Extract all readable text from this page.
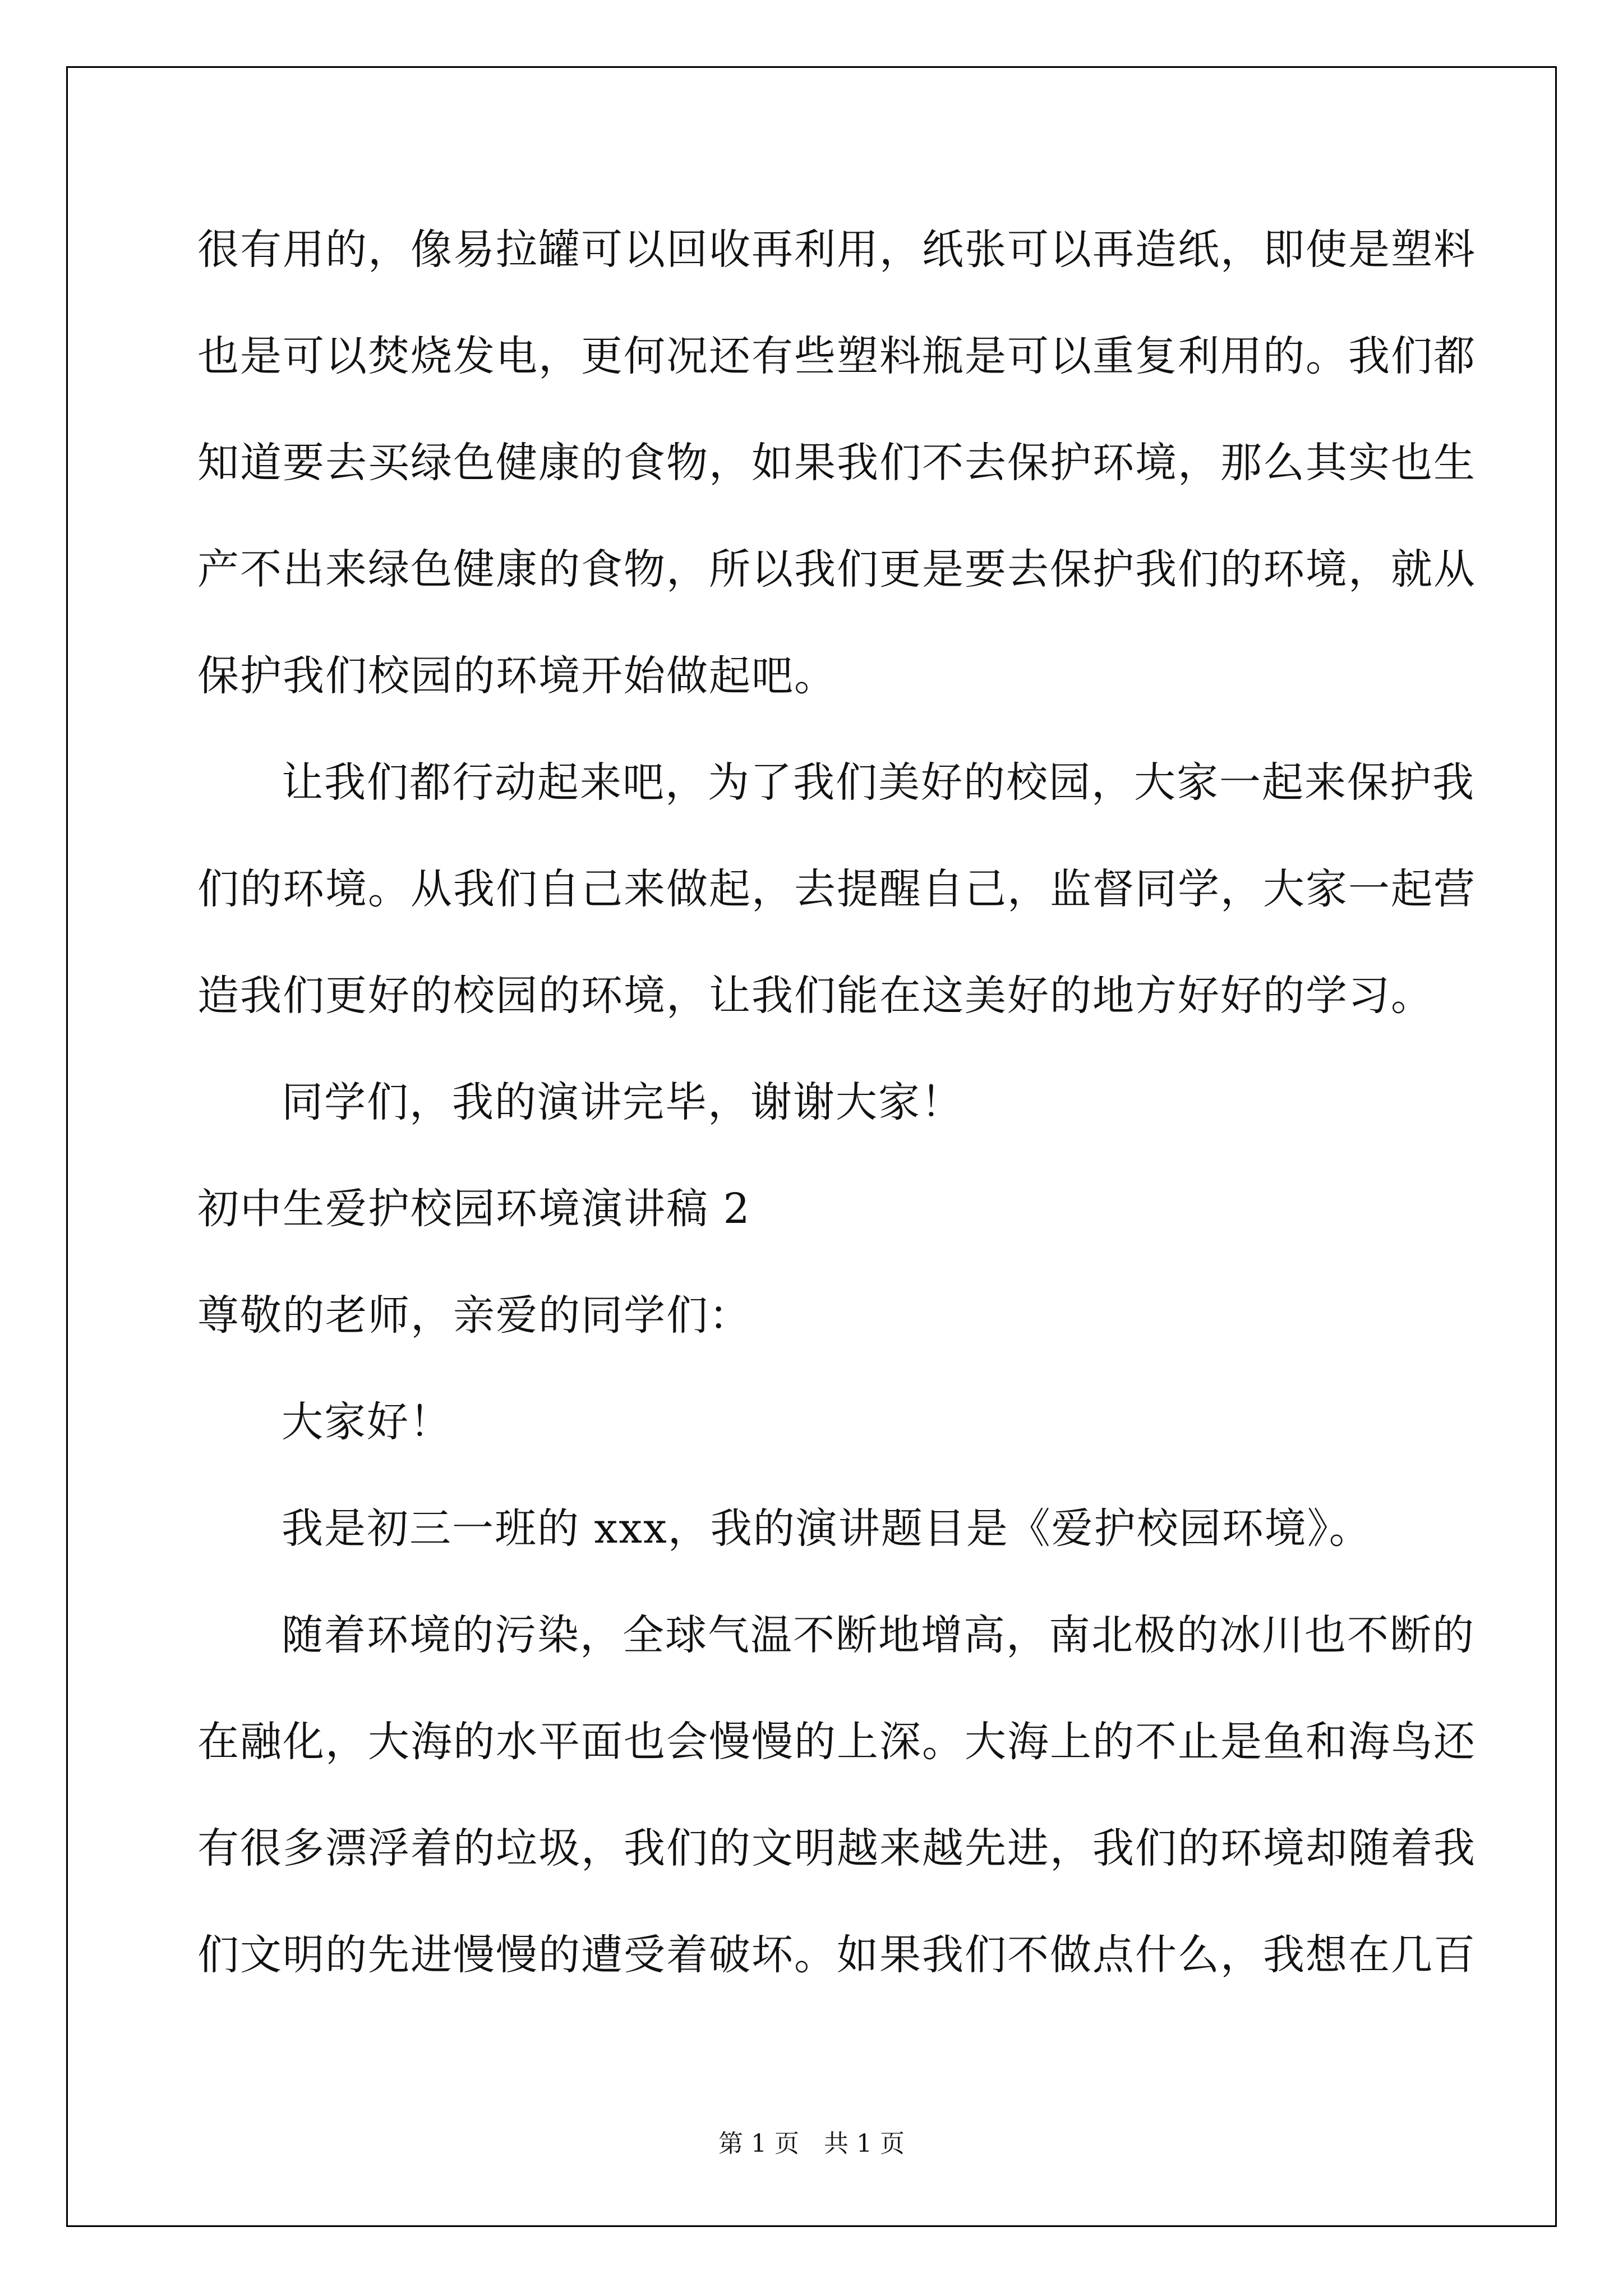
很有用的，像易拉罐可以回收再利用，纸张可以再造纸，即使是塑料
也是可以焚烧发电，更何况还有些塑料瓶是可以重复利用的。我们都
知道要去买绿色健康的食物，如果我们不去保护环境，那么其实也生
产不出来绿色健康的食物，所以我们更是要去保护我们的环境，就从
保护我们校园的环境开始做起吧。
让我们都行动起来吧，为了我们美好的校园，大家一起来保护我
们的环境。从我们自己来做起，去提醒自己，监督同学，大家一起营
造我们更好的校园的环境，让我们能在这美好的地方好好的学习。
同学们，我的演讲完毕，谢谢大家！
初中生爱护校园环境演讲稿 2
尊敬的老师，亲爱的同学们：
大家好！
我是初三一班的 xxx，我的演讲题目是《爱护校园环境》。
随着环境的污染，全球气温不断地增高，南北极的冰川也不断的
在融化，大海的水平面也会慢慢的上深。大海上的不止是鱼和海鸟还
有很多漂浮着的垃圾，我们的文明越来越先进，我们的环境却随着我
们文明的先进慢慢的遭受着破坏。如果我们不做点什么，我想在几百
第 1 页　共 1 页
